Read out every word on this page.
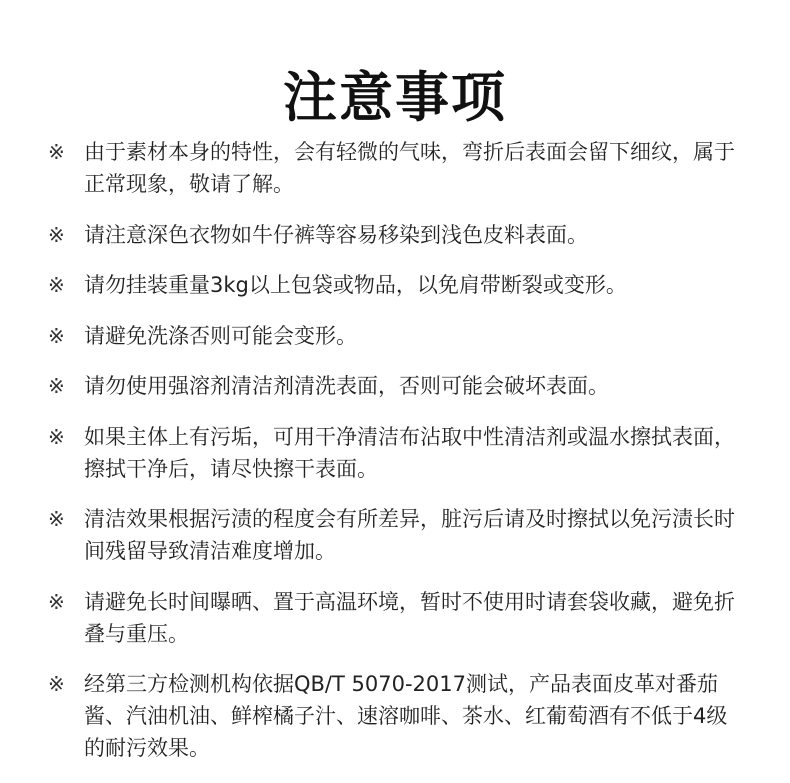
注意事项
※ 由于素材本身的特性，会有轻微的气味，弯折后表面会留下细纹，属于正常现象，敬请了解。
※ 请注意深色衣物如牛仔裤等容易移染到浅色皮料表面。
※ 请勿挂装重量3kg以上包袋或物品，以免肩带断裂或变形。
※ 请避免洗涤否则可能会变形。
※ 请勿使用强溶剂清洁剂清洗表面，否则可能会破坏表面。
※ 如果主体上有污垢，可用干净清洁布沾取中性清洁剂或温水擦拭表面，擦拭干净后，请尽快擦干表面。
※ 清洁效果根据污渍的程度会有所差异，脏污后请及时擦拭以免污渍长时间残留导致清洁难度增加。
※ 请避免长时间曝晒、置于高温环境，暂时不使用时请套袋收藏，避免折叠与重压。
※ 经第三方检测机构依据QB/T 5070-2017测试，产品表面皮革对番茄酱、汽油机油、鲜榨橘子汁、速溶咖啡、茶水、红葡萄酒有不低于4级的耐污效果。
